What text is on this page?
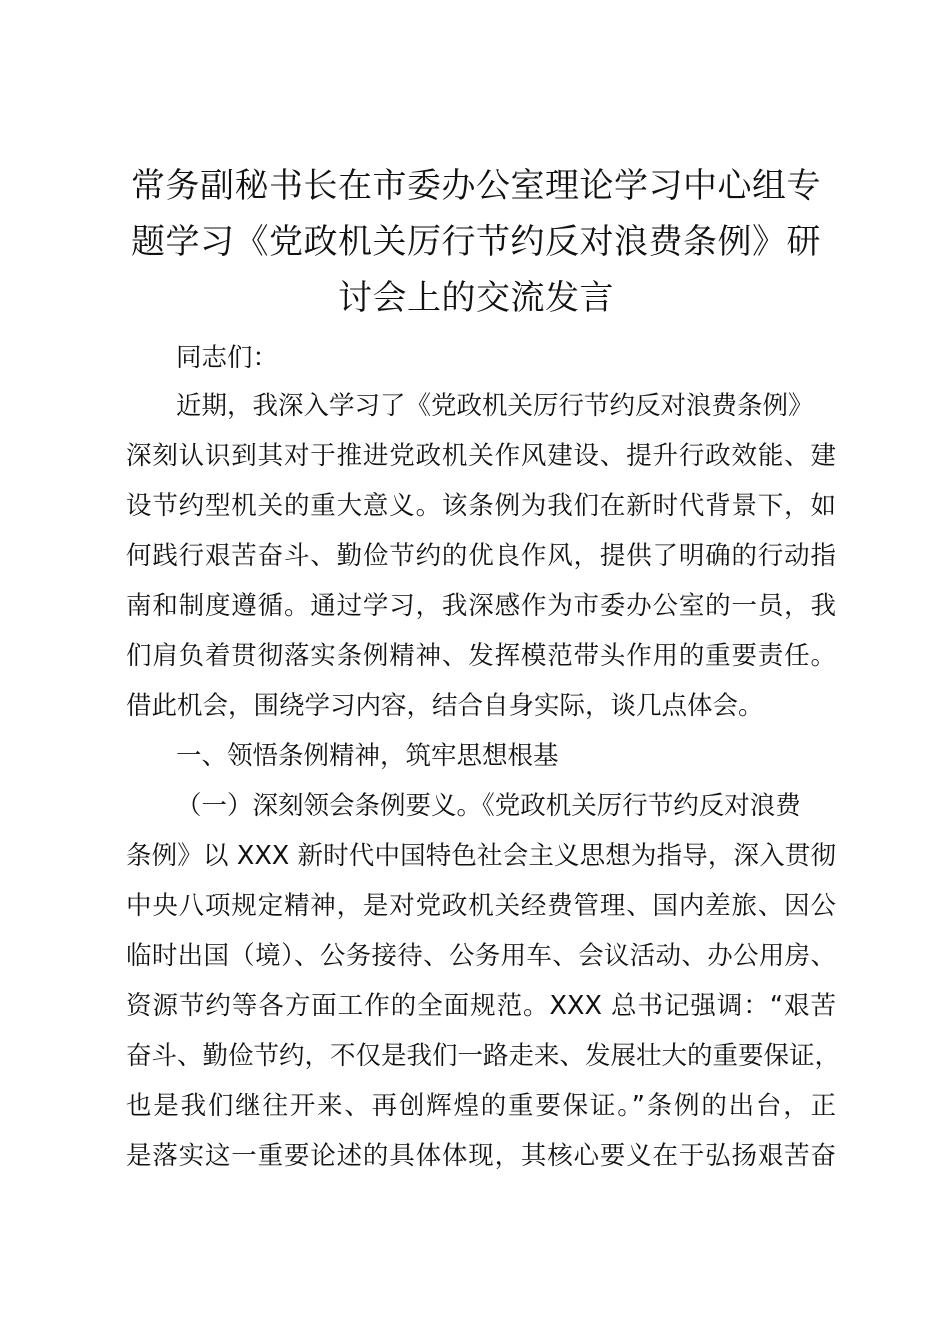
常务副秘书长在市委办公室理论学习中心组专题学习《党政机关厉行节约反对浪费条例》研讨会上的交流发言

同志们：

近期，我深入学习了《党政机关厉行节约反对浪费条例》

深刻认识到其对于推进党政机关作风建设、提升行政效能、建

设节约型机关的重大意义。该条例为我们在新时代背景下，如

何践行艰苦奋斗、勤俭节约的优良作风，提供了明确的行动指

南和制度遵循。通过学习，我深感作为市委办公室的一员，我

们肩负着贯彻落实条例精神、发挥模范带头作用的重要责任。

借此机会，围绕学习内容，结合自身实际，谈几点体会。

一、领悟条例精神，筑牢思想根基

（一）深刻领会条例要义。《党政机关厉行节约反对浪费

条例》以 XXX 新时代中国特色社会主义思想为指导，深入贯彻

中央八项规定精神，是对党政机关经费管理、国内差旅、因公

临时出国（境）、公务接待、公务用车、会议活动、办公用房、

资源节约等各方面工作的全面规范。XXX 总书记强调：“艰苦

奋斗、勤俭节约，不仅是我们一路走来、发展壮大的重要保证，

也是我们继往开来、再创辉煌的重要保证。”条例的出台，正

是落实这一重要论述的具体体现，其核心要义在于弘扬艰苦奋
